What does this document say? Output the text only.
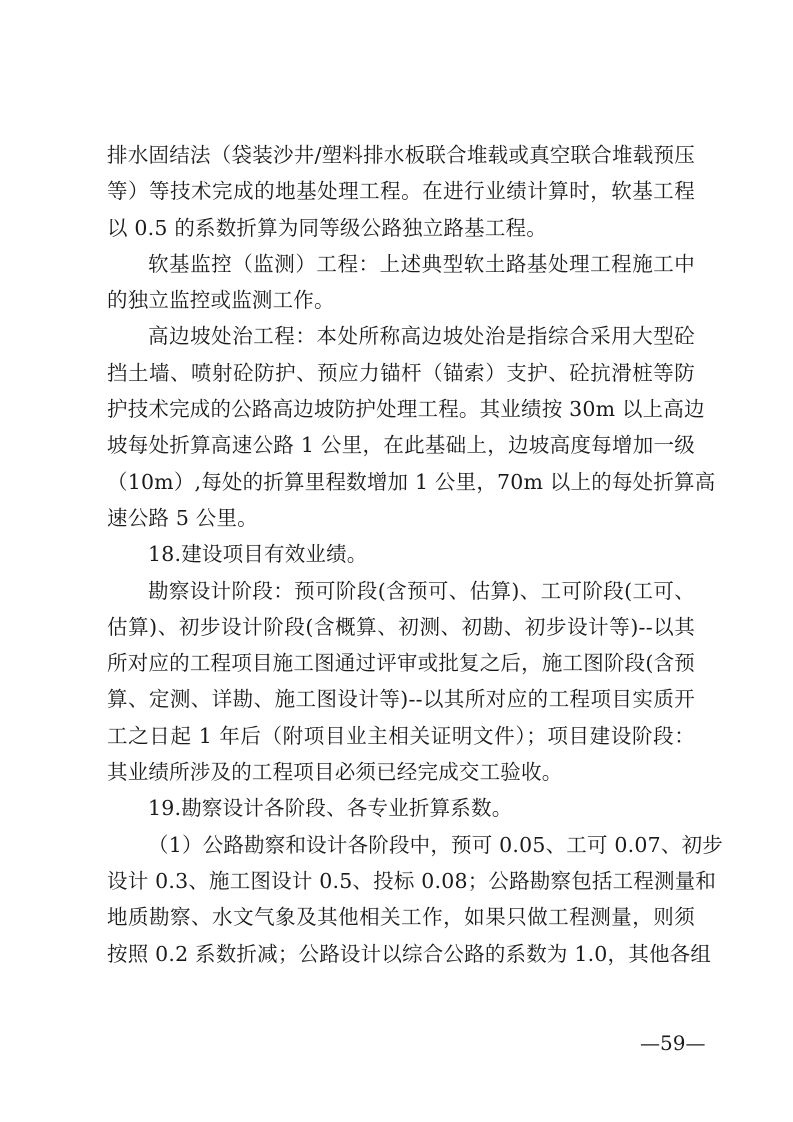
排水固结法（袋装沙井/塑料排水板联合堆载或真空联合堆载预压
等）等技术完成的地基处理工程。在进行业绩计算时，软基工程
以 0.5 的系数折算为同等级公路独立路基工程。
软基监控（监测）工程：上述典型软土路基处理工程施工中
的独立监控或监测工作。
高边坡处治工程：本处所称高边坡处治是指综合采用大型砼
挡土墙、喷射砼防护、预应力锚杆（锚索）支护、砼抗滑桩等防
护技术完成的公路高边坡防护处理工程。其业绩按 30m 以上高边
坡每处折算高速公路 1 公里，在此基础上，边坡高度每增加一级
（10m）,每处的折算里程数增加 1 公里，70m 以上的每处折算高
速公路 5 公里。
18.建设项目有效业绩。
勘察设计阶段：预可阶段(含预可、估算)、工可阶段(工可、
估算)、初步设计阶段(含概算、初测、初勘、初步设计等)--以其
所对应的工程项目施工图通过评审或批复之后，施工图阶段(含预
算、定测、详勘、施工图设计等)--以其所对应的工程项目实质开
工之日起 1 年后（附项目业主相关证明文件）；项目建设阶段：
其业绩所涉及的工程项目必须已经完成交工验收。
19.勘察设计各阶段、各专业折算系数。
（1）公路勘察和设计各阶段中，预可 0.05、工可 0.07、初步
设计 0.3、施工图设计 0.5、投标 0.08；公路勘察包括工程测量和
地质勘察、水文气象及其他相关工作，如果只做工程测量，则须
按照 0.2 系数折减；公路设计以综合公路的系数为 1.0，其他各组
—59—
